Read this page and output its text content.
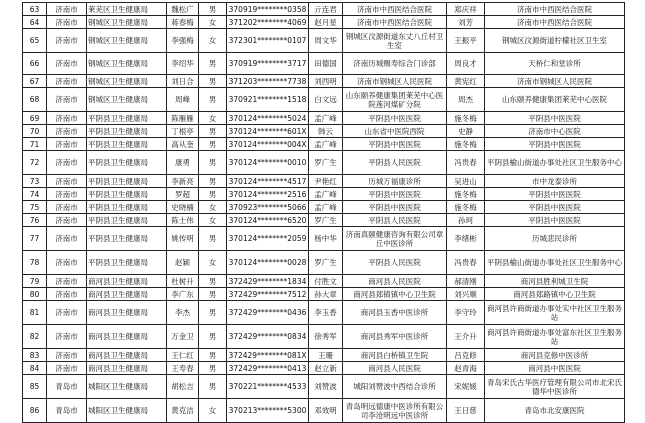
63	济南市	莱芜区卫生健康局	魏松广	男	370919********0358	亓连君	济南市中西医结合医院	郑庆祥	济南市中西医结合医院
64	济南市	钢城区卫生健康局	蒋春梅	女	371202********4069	赵月星	济南市中西医结合医院	刘芳	济南市中西医结合医院
65	济南市	钢城区卫生健康局	李强梅	女	372301********0107	周文华	钢城区汶源街道东丈八丘村卫生室	王振平	钢城区汶源街道柠檬社区卫生室
66	济南市	钢城区卫生健康局	李绍华	男	370919********3717	田德国	济南历城赐寿综合门诊部	周良才	天桥仁和堂诊所
67	济南市	钢城区卫生健康局	刘日合	男	371203********7738	刘西明	济南市钢城区人民医院	黄宪红	济南市钢城区人民医院
68	济南市	钢城区卫生健康局	周峰	男	370921********1518	白文远	山东颐养健康集团莱芜中心医院莲河煤矿分院	周杰	山东颐养健康集团莱芜中心医院
69	济南市	平阴县卫生健康局	陈雁雁	女	370124********5024	孟广峰	平阴县中医医院	施冬梅	平阴县中医医院
70	济南市	平阴县卫生健康局	丁根亭	男	370124********601X	韩云	山东省中医院西院	史静	济南市中心医院
71	济南市	平阴县卫生健康局	高从奎	男	370124********004X	孟广峰	平阴县中医医院	施冬梅	平阴县中医医院
72	济南市	平阴县卫生健康局	康勇	男	370124********0010	罗广生	平阴县人民医院	冯贵春	平阴县榆山街道办事处社区卫生服务中心
73	济南市	平阴县卫生健康局	李新亮	男	370124********4517	尹艳红	历城万福康诊所	吴进山	市中龙泰诊所
74	济南市	平阴县卫生健康局	罗超	男	370124********2516	孟广峰	平阴县中医医院	施冬梅	平阴县中医医院
75	济南市	平阴县卫生健康局	史晓楠	女	370923********5066	孟广峰	平阴县中医医院	施冬梅	平阴县中医医院
76	济南市	平阴县卫生健康局	陈士伟	女	370124********6520	罗广生	平阴县人民医院	孙珂	平阴县中医医院
77	济南市	平阴县卫生健康局	姚传明	男	370124********2059	杨中华	济南真颐健康咨询有限公司章丘中医诊所	李绪彬	历城悲民诊所
78	济南市	平阴县卫生健康局	赵颖	女	370124********0028	罗广生	平阴县人民医院	冯贵春	平阴县榆山街道办事处社区卫生服务中心
79	济南市	商河县卫生健康局	杜树升	男	372429********1834	付胜文	商河县人民医院	郝清刚	商河县胜利城卫生院
80	济南市	商河县卫生健康局	李广东	男	372429********7512	孙大章	商河县郑镇镇中心卫生院	刘兴顺	商河县郑路镇中心卫生院
81	济南市	商河县卫生健康局	李杰	男	372429********0436	李玉香	商河县玉香中医诊所	李守玲	商河县许商街道办事处实中社区卫生服务站
82	济南市	商河县卫生健康局	万金卫	男	372429********0834	徐秀军	商河县秀军中医诊所	王介升	商河县许商街道办事处富东社区卫生服务站
83	济南市	商河县卫生健康局	王仁红	男	372429********081X	王珊	商河县白桥镇卫生院	吕克修	商河县克修中医诊所
84	济南市	商河县卫生健康局	王寿春	男	372429********0413	赵立新	商河县人民医院	赵青海	商河县中医医院
85	青岛市	城阳区卫生健康局	胡松吉	男	370221********4533	刘赞波	城阳刘赞波中西结合诊所	宋妮媛	青岛宋氏古华医疗管理有限公司市北宋氏德华中医诊所
86	青岛市	城阳区卫生健康局	黄克洁	女	370213********5300	邓效明	青岛明远德康中医诊所有限公司李沧明远中医诊所	王日慈	青岛市北安康医院
